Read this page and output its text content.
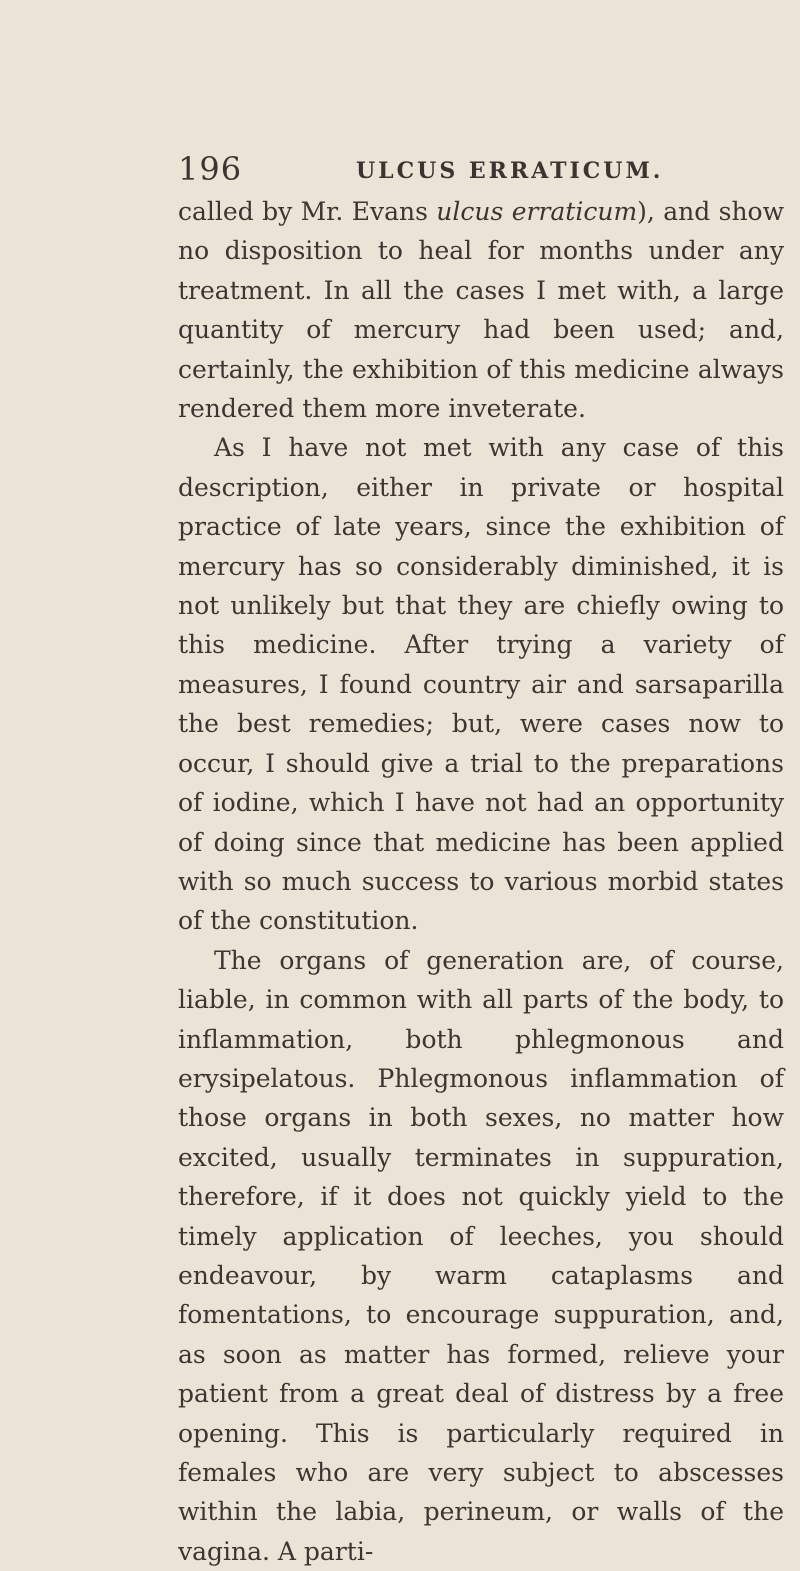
196	ULCUS ERRATICUM.

called by Mr. Evans ulcus erraticum), and show no disposition to heal for months under any treatment. In all the cases I met with, a large quantity of mercury had been used; and, certainly, the exhibition of this medicine always rendered them more inveterate.

As I have not met with any case of this description, either in private or hospital practice of late years, since the exhibition of mercury has so considerably diminished, it is not unlikely but that they are chiefly owing to this medicine. After trying a variety of measures, I found country air and sarsaparilla the best remedies; but, were cases now to occur, I should give a trial to the preparations of iodine, which I have not had an opportunity of doing since that medicine has been applied with so much success to various morbid states of the constitution.

The organs of generation are, of course, liable, in common with all parts of the body, to inflammation, both phlegmonous and erysipelatous. Phlegmonous inflammation of those organs in both sexes, no matter how excited, usually terminates in suppuration, therefore, if it does not quickly yield to the timely application of leeches, you should endeavour, by warm cataplasms and fomentations, to encourage suppuration, and, as soon as matter has formed, relieve your patient from a great deal of distress by a free opening. This is particularly required in females who are very subject to abscesses within the labia, perineum, or walls of the vagina. A parti-
